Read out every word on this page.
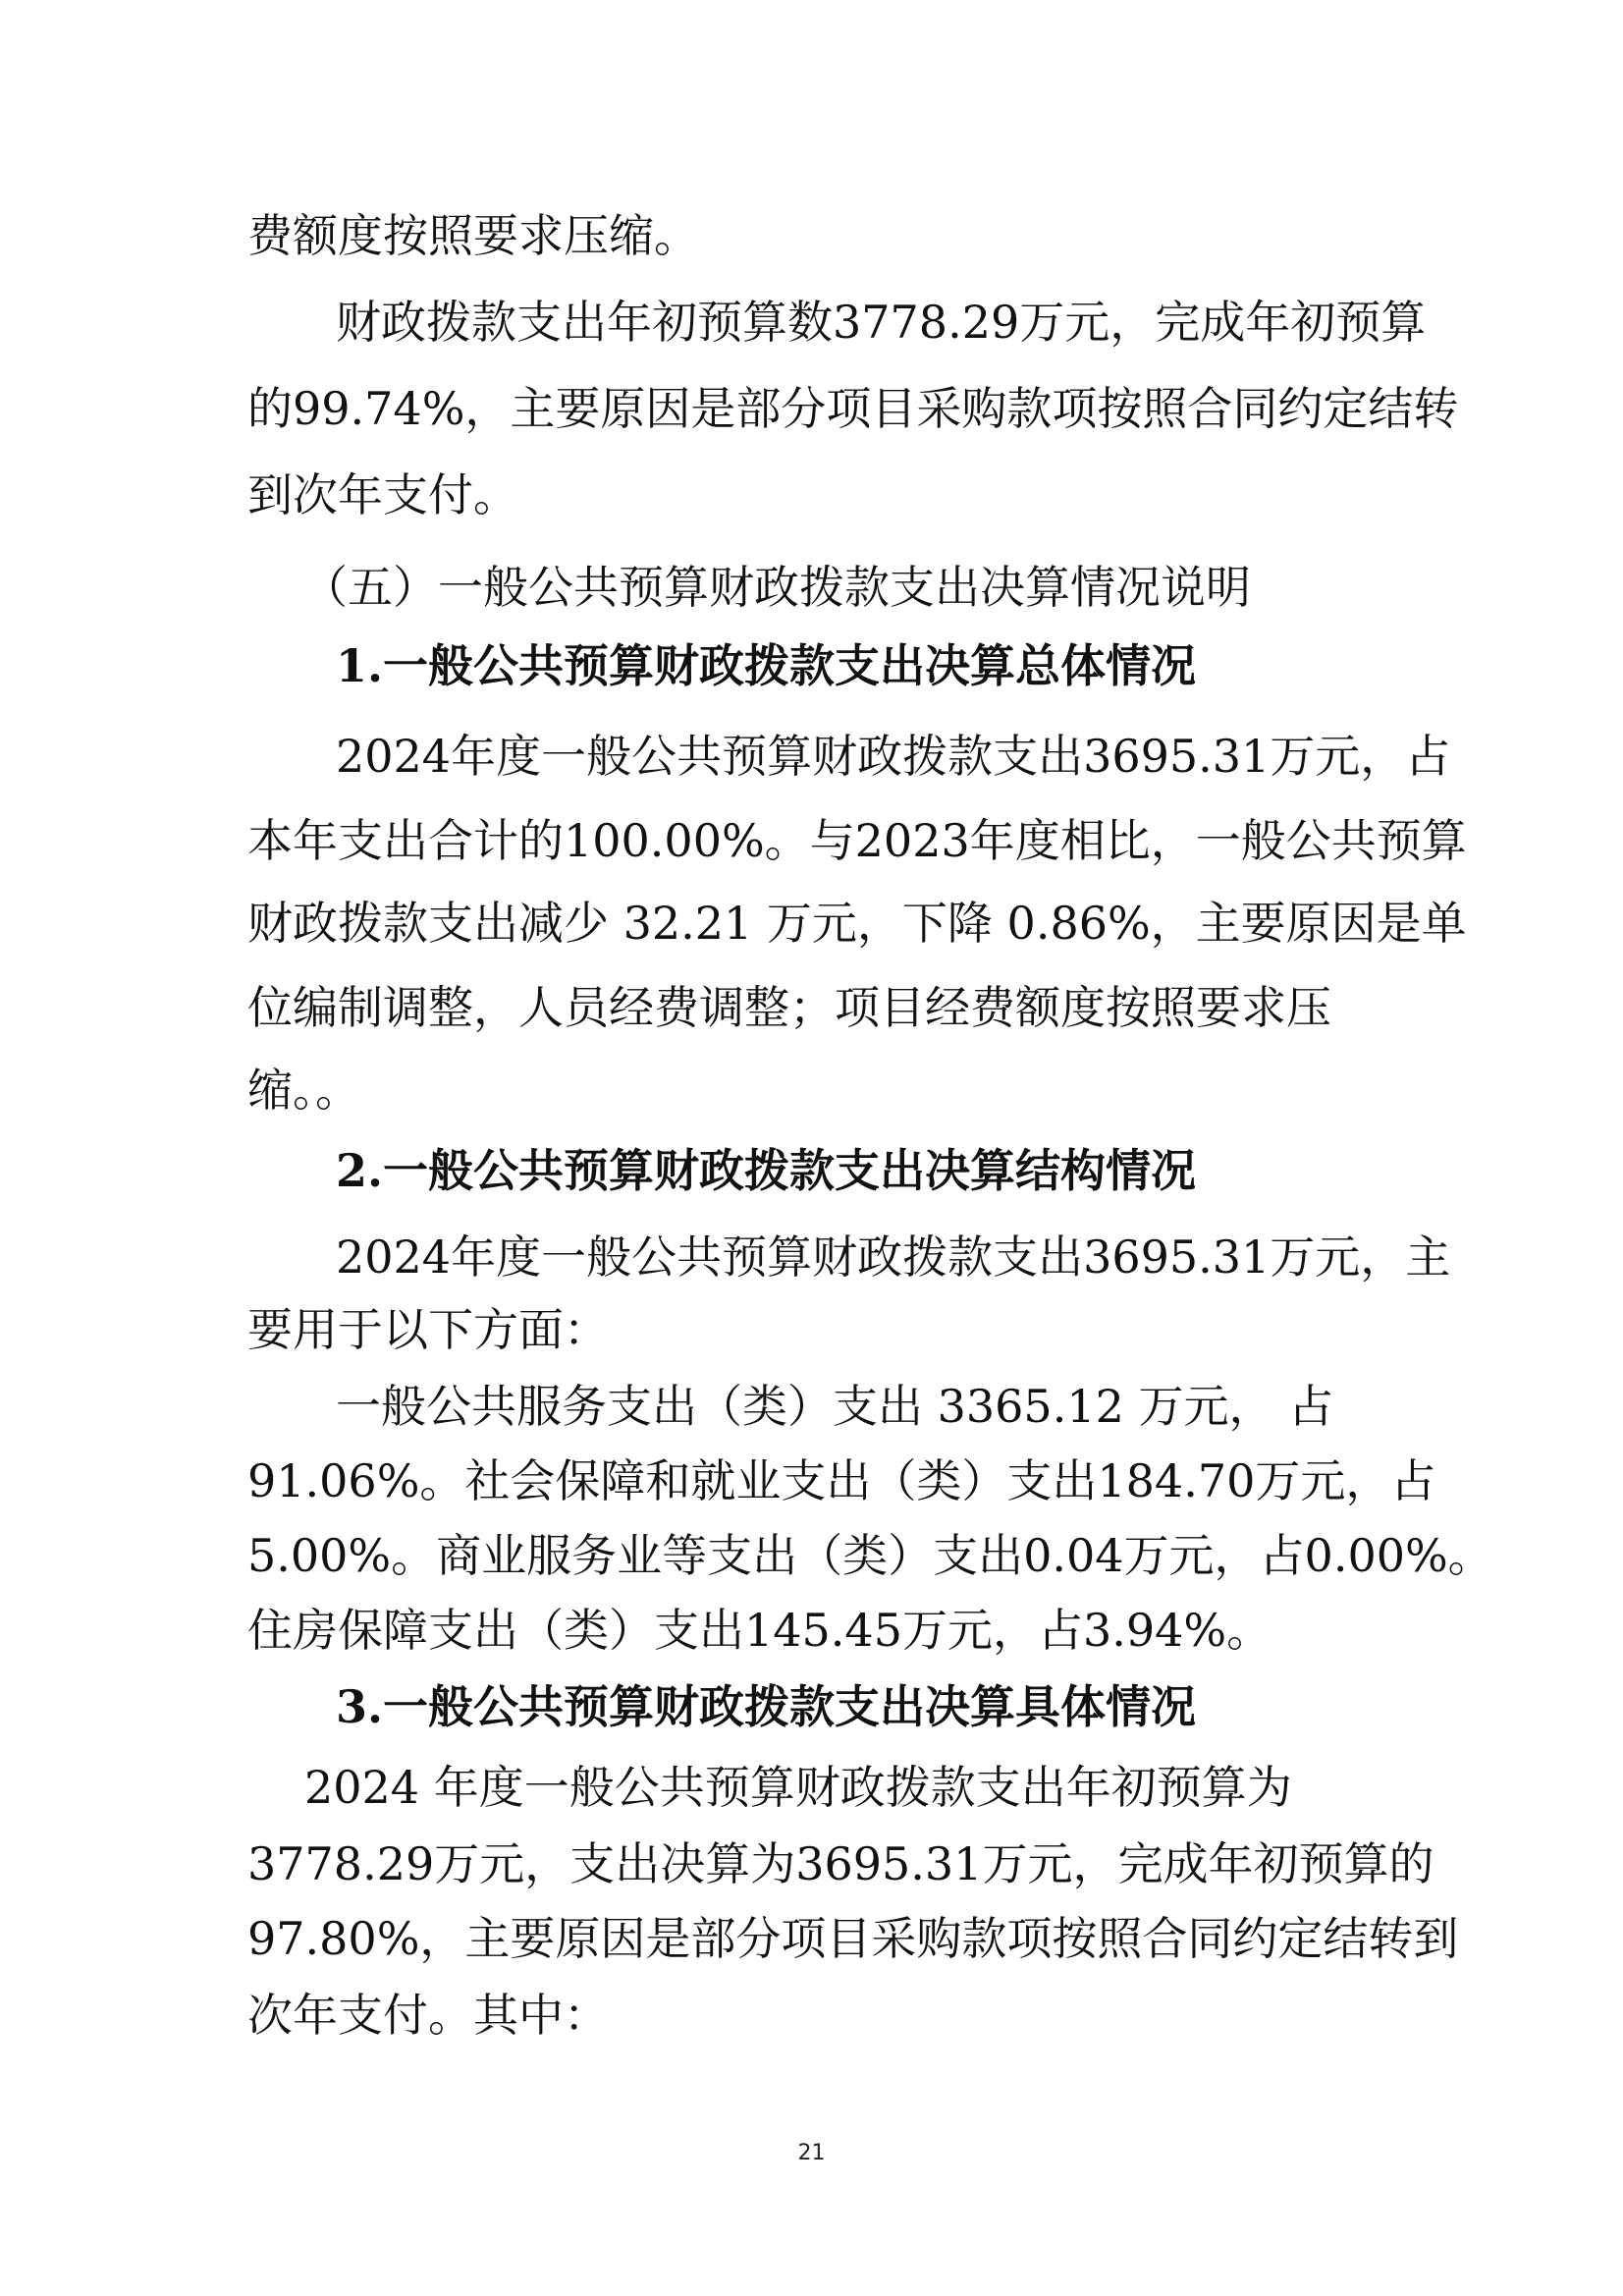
费额度按照要求压缩。
财政拨款支出年初预算数3778.29万元，完成年初预算
的99.74%，主要原因是部分项目采购款项按照合同约定结转
到次年支付。
（五）一般公共预算财政拨款支出决算情况说明
1.一般公共预算财政拨款支出决算总体情况
2024年度一般公共预算财政拨款支出3695.31万元，占
本年支出合计的100.00%。与2023年度相比，一般公共预算
财政拨款支出减少 32.21 万元，下降 0.86%，主要原因是单
位编制调整，人员经费调整；项目经费额度按照要求压
缩。。
2.一般公共预算财政拨款支出决算结构情况
2024年度一般公共预算财政拨款支出3695.31万元，主
要用于以下方面：
一般公共服务支出（类）支出 3365.12 万元， 占
91.06%。社会保障和就业支出（类）支出184.70万元，占
5.00%。商业服务业等支出（类）支出0.04万元，占0.00%。
住房保障支出（类）支出145.45万元，占3.94%。
3.一般公共预算财政拨款支出决算具体情况
2024 年度一般公共预算财政拨款支出年初预算为
3778.29万元，支出决算为3695.31万元，完成年初预算的
97.80%，主要原因是部分项目采购款项按照合同约定结转到
次年支付。其中：
21
